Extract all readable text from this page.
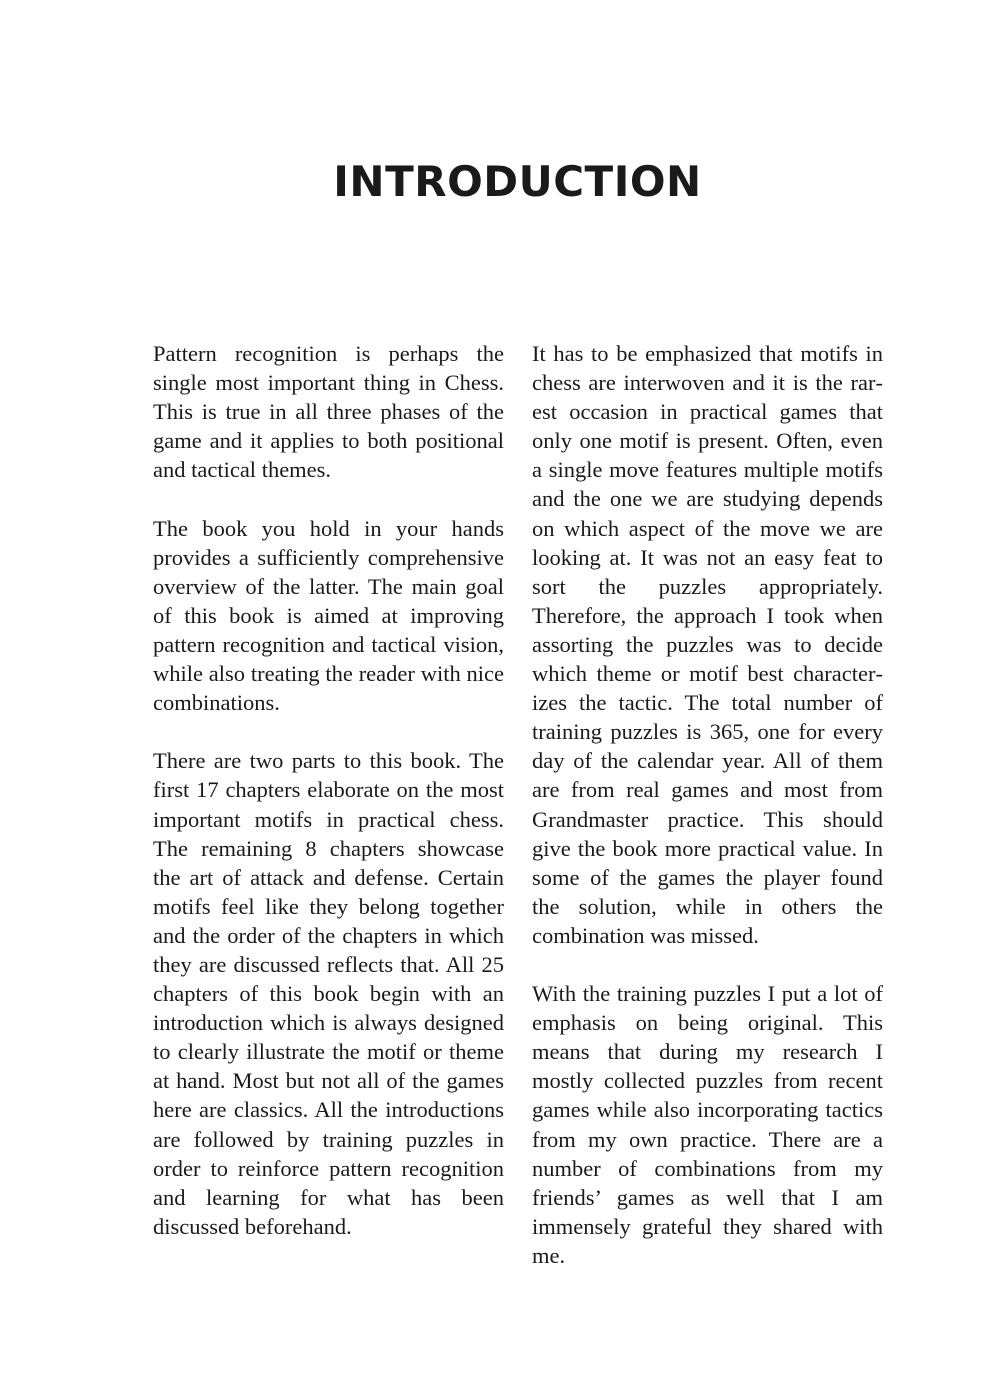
INTRODUCTION

Pattern recognition is perhaps the single most important thing in Chess. This is true in all three phases of the game and it applies to both positional and tactical themes.

The book you hold in your hands provides a sufficiently comprehensive overview of the latter. The main goal of this book is aimed at improving pattern recognition and tactical vision, while also treating the reader with nice combinations.

There are two parts to this book. The first 17 chapters elaborate on the most important motifs in practical chess. The remaining 8 chapters showcase the art of attack and defense. Certain motifs feel like they belong together and the order of the chapters in which they are discussed reflects that. All 25 chapters of this book begin with an introduction which is always designed to clearly illustrate the motif or theme at hand. Most but not all of the games here are classics. All the introductions are followed by training puzzles in order to reinforce pattern recognition and learning for what has been discussed beforehand.

It has to be emphasized that motifs in chess are interwoven and it is the rarest occasion in practical games that only one motif is present. Often, even a single move features multiple motifs and the one we are studying depends on which aspect of the move we are looking at. It was not an easy feat to sort the puzzles appropriately. Therefore, the approach I took when assorting the puzzles was to decide which theme or motif best characterizes the tactic. The total number of training puzzles is 365, one for every day of the calendar year. All of them are from real games and most from Grandmaster practice. This should give the book more practical value. In some of the games the player found the solution, while in others the combination was missed.

With the training puzzles I put a lot of emphasis on being original. This means that during my research I mostly collected puzzles from recent games while also incorporating tactics from my own practice. There are a number of combinations from my friends’ games as well that I am immensely grateful they shared with me.
